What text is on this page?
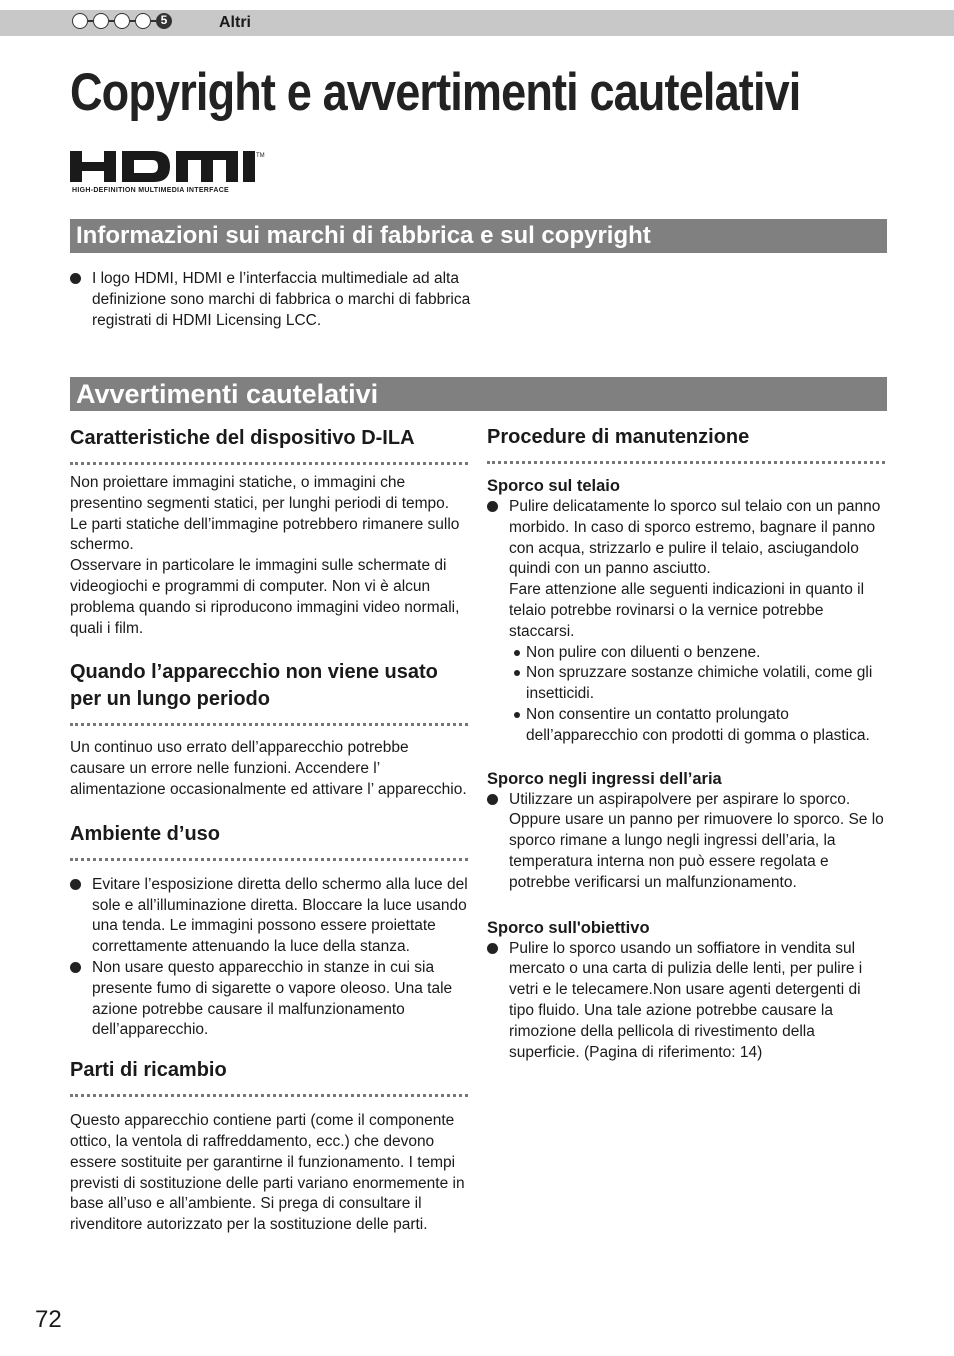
5	Altri
Copyright e avvertimenti cautelativi
TM
HIGH-DEFINITION MULTIMEDIA INTERFACE
Informazioni sui marchi di fabbrica e sul copyright
I logo HDMI, HDMI e l’interfaccia multimediale ad alta definizione sono marchi di fabbrica o marchi di fabbrica registrati di HDMI Licensing LCC.
Avvertimenti cautelativi
Caratteristiche del dispositivo D-ILA

Non proiettare immagini statiche, o immagini che presentino segmenti statici, per lunghi periodi di tempo. Le parti statiche dell’immagine potrebbero rimanere sullo schermo.

Osservare in particolare le immagini sulle schermate di videogiochi e programmi di computer. Non vi è alcun problema quando si riproducono immagini video normali, quali i film.

Quando l’apparecchio non viene usato per un lungo periodo

Un continuo uso errato dell’apparecchio potrebbe causare un errore nelle funzioni. Accendere l’ alimentazione occasionalmente ed attivare l’ apparecchio.

Ambiente d’uso
Evitare l’esposizione diretta dello schermo alla luce del sole e all’illuminazione diretta. Bloccare la luce usando una tenda. Le immagini possono essere proiettate correttamente attenuando la luce della stanza.
Non usare questo apparecchio in stanze in cui sia presente fumo di sigarette o vapore oleoso. Una tale azione potrebbe causare il malfunzionamento dell’apparecchio.
Parti di ricambio

Questo apparecchio contiene parti (come il componente ottico, la ventola di raffreddamento, ecc.) che devono essere sostituite per garantirne il funzionamento. I tempi previsti di sostituzione delle parti variano enormemente in base all’uso e all’ambiente. Si prega di consultare il rivenditore autorizzato per la sostituzione delle parti.

Procedure di manutenzione
Sporco sul telaio

Pulire delicatamente lo sporco sul telaio con un panno morbido. In caso di sporco estremo, bagnare il panno con acqua, strizzarlo e pulire il telaio, asciugandolo quindi con un panno asciutto.

Fare attenzione alle seguenti indicazioni in quanto il telaio potrebbe rovinarsi o la vernice potrebbe staccarsi.

Non pulire con diluenti o benzene.
Non spruzzare sostanze chimiche volatili, come gli insetticidi.
Non consentire un contatto prolungato dell’apparecchio con prodotti di gomma o plastica.
Sporco negli ingressi dell’aria
Utilizzare un aspirapolvere per aspirare lo sporco. Oppure usare un panno per rimuovere lo sporco. Se lo sporco rimane a lungo negli ingressi dell’aria, la temperatura interna non può essere regolata e potrebbe verificarsi un malfunzionamento.
Sporco sull'obiettivo
Pulire lo sporco usando un soffiatore in vendita sul mercato o una carta di pulizia delle lenti, per pulire i vetri e le telecamere.Non usare agenti detergenti di tipo fluido. Una tale azione potrebbe causare la rimozione della pellicola di rivestimento della superficie. (Pagina di riferimento: 14)
72
